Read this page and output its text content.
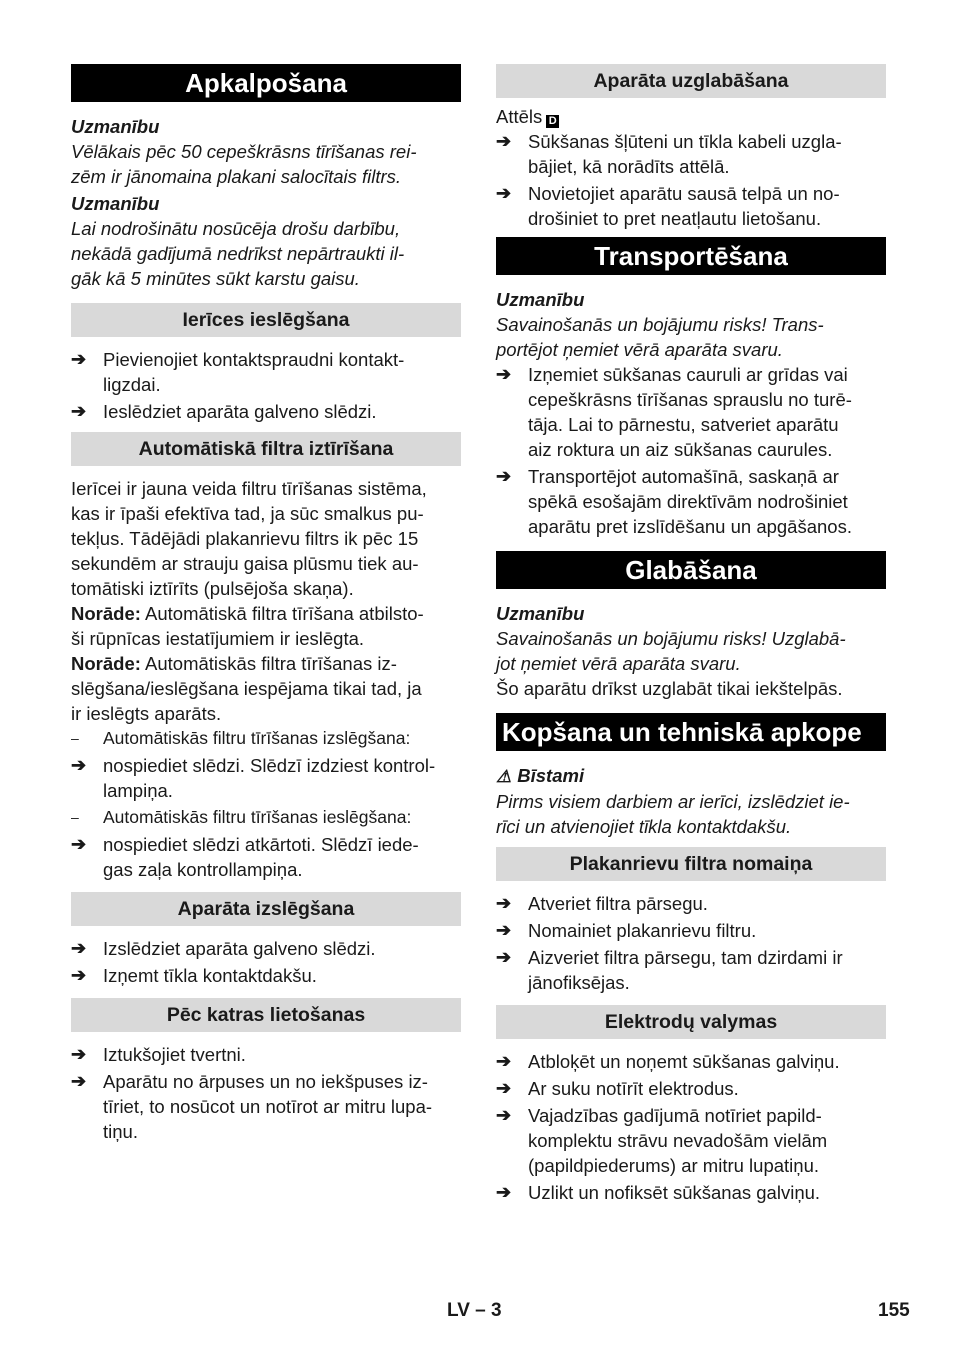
Apkalpošana
Uzmanību
Vēlākais pēc 50 cepeškrāsns tīrīšanas rei-
zēm ir jānomaina plakani salocītais filtrs.
Uzmanību
Lai nodrošinātu nosūcēja drošu darbību,
nekādā gadījumā nedrīkst nepārtraukti il-
gāk kā 5 minūtes sūkt karstu gaisu.
Ierīces ieslēgšana
➔ Pievienojiet kontaktspraudni kontakt-
ligzdai.
➔ Ieslēdziet aparāta galveno slēdzi.
Automātiskā filtra iztīrīšana
Ierīcei ir jauna veida filtru tīrīšanas sistēma,
kas ir īpaši efektīva tad, ja sūc smalkus pu-
tekļus. Tādējādi plakanrievu filtrs ik pēc 15
sekundēm ar strauju gaisa plūsmu tiek au-
tomātiski iztīrīts (pulsējoša skaņa).
Norāde: Automātiskā filtra tīrīšana atbilsto-
ši rūpnīcas iestatījumiem ir ieslēgta.
Norāde: Automātiskās filtra tīrīšanas iz-
slēgšana/ieslēgšana iespējama tikai tad, ja
ir ieslēgts aparāts.
– Automātiskās filtru tīrīšanas izslēgšana:
➔ nospiediet slēdzi. Slēdzī izdziest kontrol-
lampiņa.
– Automātiskās filtru tīrīšanas ieslēgšana:
➔ nospiediet slēdzi atkārtoti. Slēdzī iede-
gas zaļa kontrollampiņa.
Aparāta izslēgšana
➔ Izslēdziet aparāta galveno slēdzi.
➔ Izņemt tīkla kontaktdakšu.
Pēc katras lietošanas
➔ Iztukšojiet tvertni.
➔ Aparātu no ārpuses un no iekšpuses iz-
tīriet, to nosūcot un notīrot ar mitru lupa-
tiņu.
Aparāta uzglabāšana
Attēls D
➔ Sūkšanas šļūteni un tīkla kabeli uzgla-
bājiet, kā norādīts attēlā.
➔ Novietojiet aparātu sausā telpā un no-
drošiniet to pret neatļautu lietošanu.
Transportēšana
Uzmanību
Savainošanās un bojājumu risks! Trans-
portējot ņemiet vērā aparāta svaru.
➔ Izņemiet sūkšanas cauruli ar grīdas vai
cepeškrāsns tīrīšanas sprauslu no turē-
tāja. Lai to pārnestu, satveriet aparātu
aiz roktura un aiz sūkšanas caurules.
➔ Transportējot automašīnā, saskaņā ar
spēkā esošajām direktīvām nodrošiniet
aparātu pret izslīdēšanu un apgāšanos.
Glabāšana
Uzmanību
Savainošanās un bojājumu risks! Uzglabā-
jot ņemiet vērā aparāta svaru.
Šo aparātu drīkst uzglabāt tikai iekštelpās.
Kopšana un tehniskā apkope
⚠ Bīstami
Pirms visiem darbiem ar ierīci, izslēdziet ie-
rīci un atvienojiet tīkla kontaktdakšu.
Plakanrievu filtra nomaiņa
➔ Atveriet filtra pārsegu.
➔ Nomainiet plakanrievu filtru.
➔ Aizveriet filtra pārsegu, tam dzirdami ir
jānofiksējas.
Elektrodų valymas
➔ Atbloķēt un noņemt sūkšanas galviņu.
➔ Ar suku notīrīt elektrodus.
➔ Vajadzības gadījumā notīriet papild-
komplektu strāvu nevadošām vielām
(papildpiederums) ar mitru lupatiņu.
➔ Uzlikt un nofiksēt sūkšanas galviņu.
LV – 3	155
